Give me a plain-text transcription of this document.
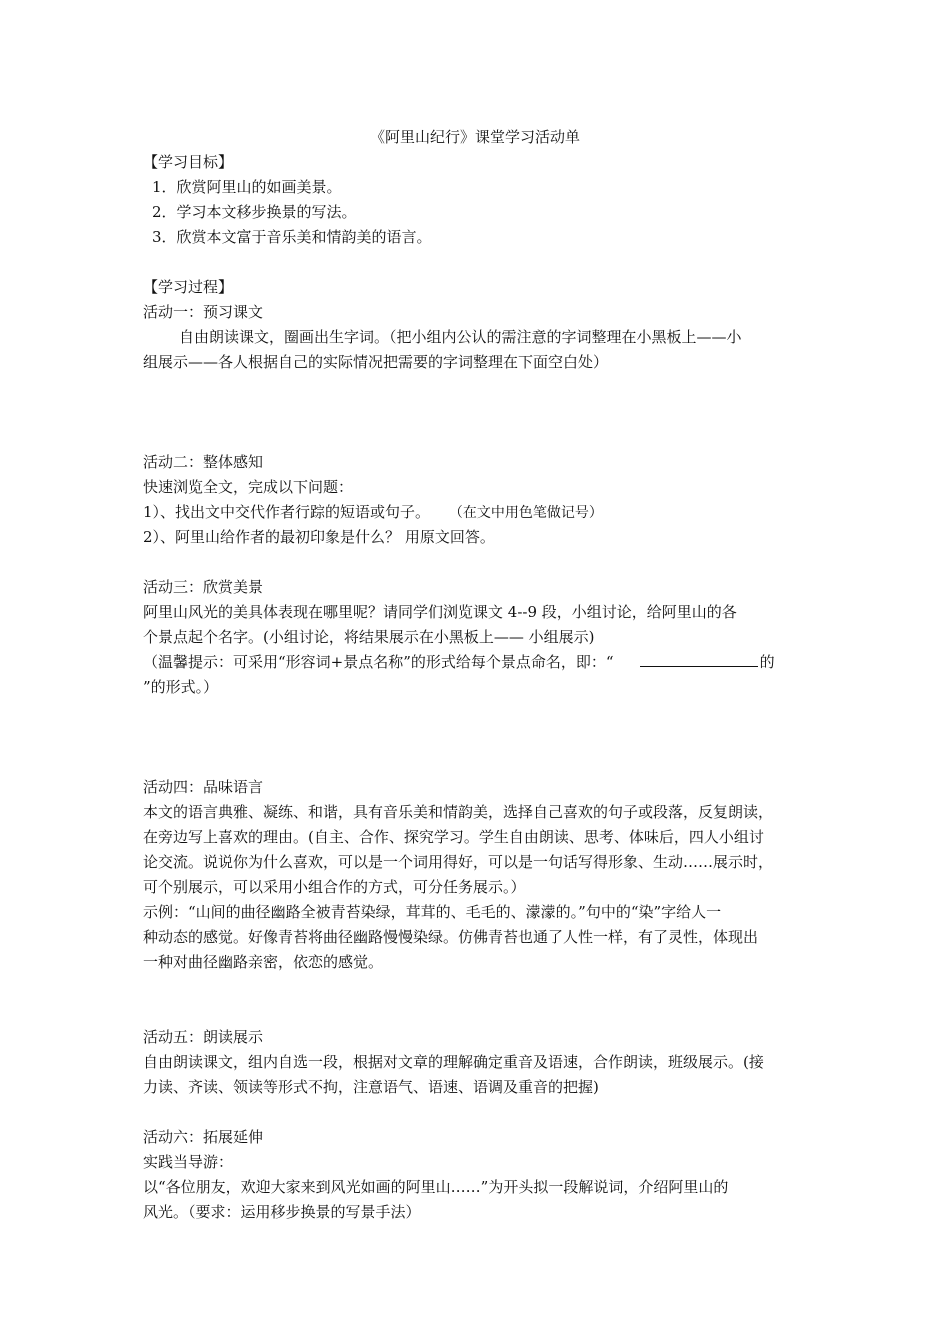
《阿里山纪行》课堂学习活动单
【学习目标】
1．欣赏阿里山的如画美景。
2．学习本文移步换景的写法。
3．欣赏本文富于音乐美和情韵美的语言。
【学习过程】
活动一：预习课文
自由朗读课文，圈画出生字词。（把小组内公认的需注意的字词整理在小黑板上——小
组展示——各人根据自己的实际情况把需要的字词整理在下面空白处）
活动二：整体感知
快速浏览全文，完成以下问题：
1）、找出文中交代作者行踪的短语或句子。 （在文中用色笔做记号）
2）、阿里山给作者的最初印象是什么？ 用原文回答。
活动三：欣赏美景
阿里山风光的美具体表现在哪里呢？请同学们浏览课文 4--9 段，小组讨论，给阿里山的各
个景点起个名字。(小组讨论，将结果展示在小黑板上—— 小组展示)
（温馨提示：可采用“形容词+景点名称”的形式给每个景点命名，即：“	的
”的形式。）
活动四：品味语言
本文的语言典雅、凝练、和谐，具有音乐美和情韵美，选择自己喜欢的句子或段落，反复朗读，
在旁边写上喜欢的理由。(自主、合作、探究学习。学生自由朗读、思考、体味后，四人小组讨
论交流。说说你为什么喜欢，可以是一个词用得好，可以是一句话写得形象、生动……展示时，
可个别展示，可以采用小组合作的方式，可分任务展示。）
示例：“山间的曲径幽路全被青苔染绿，茸茸的、毛毛的、濛濛的。”句中的“染”字给人一
种动态的感觉。好像青苔将曲径幽路慢慢染绿。仿佛青苔也通了人性一样，有了灵性，体现出
一种对曲径幽路亲密，依恋的感觉。
活动五：朗读展示
自由朗读课文，组内自选一段，根据对文章的理解确定重音及语速，合作朗读，班级展示。(接
力读、齐读、领读等形式不拘，注意语气、语速、语调及重音的把握)
活动六：拓展延伸
实践当导游：
以“各位朋友，欢迎大家来到风光如画的阿里山……”为开头拟一段解说词，介绍阿里山的
风光。（要求：运用移步换景的写景手法）
